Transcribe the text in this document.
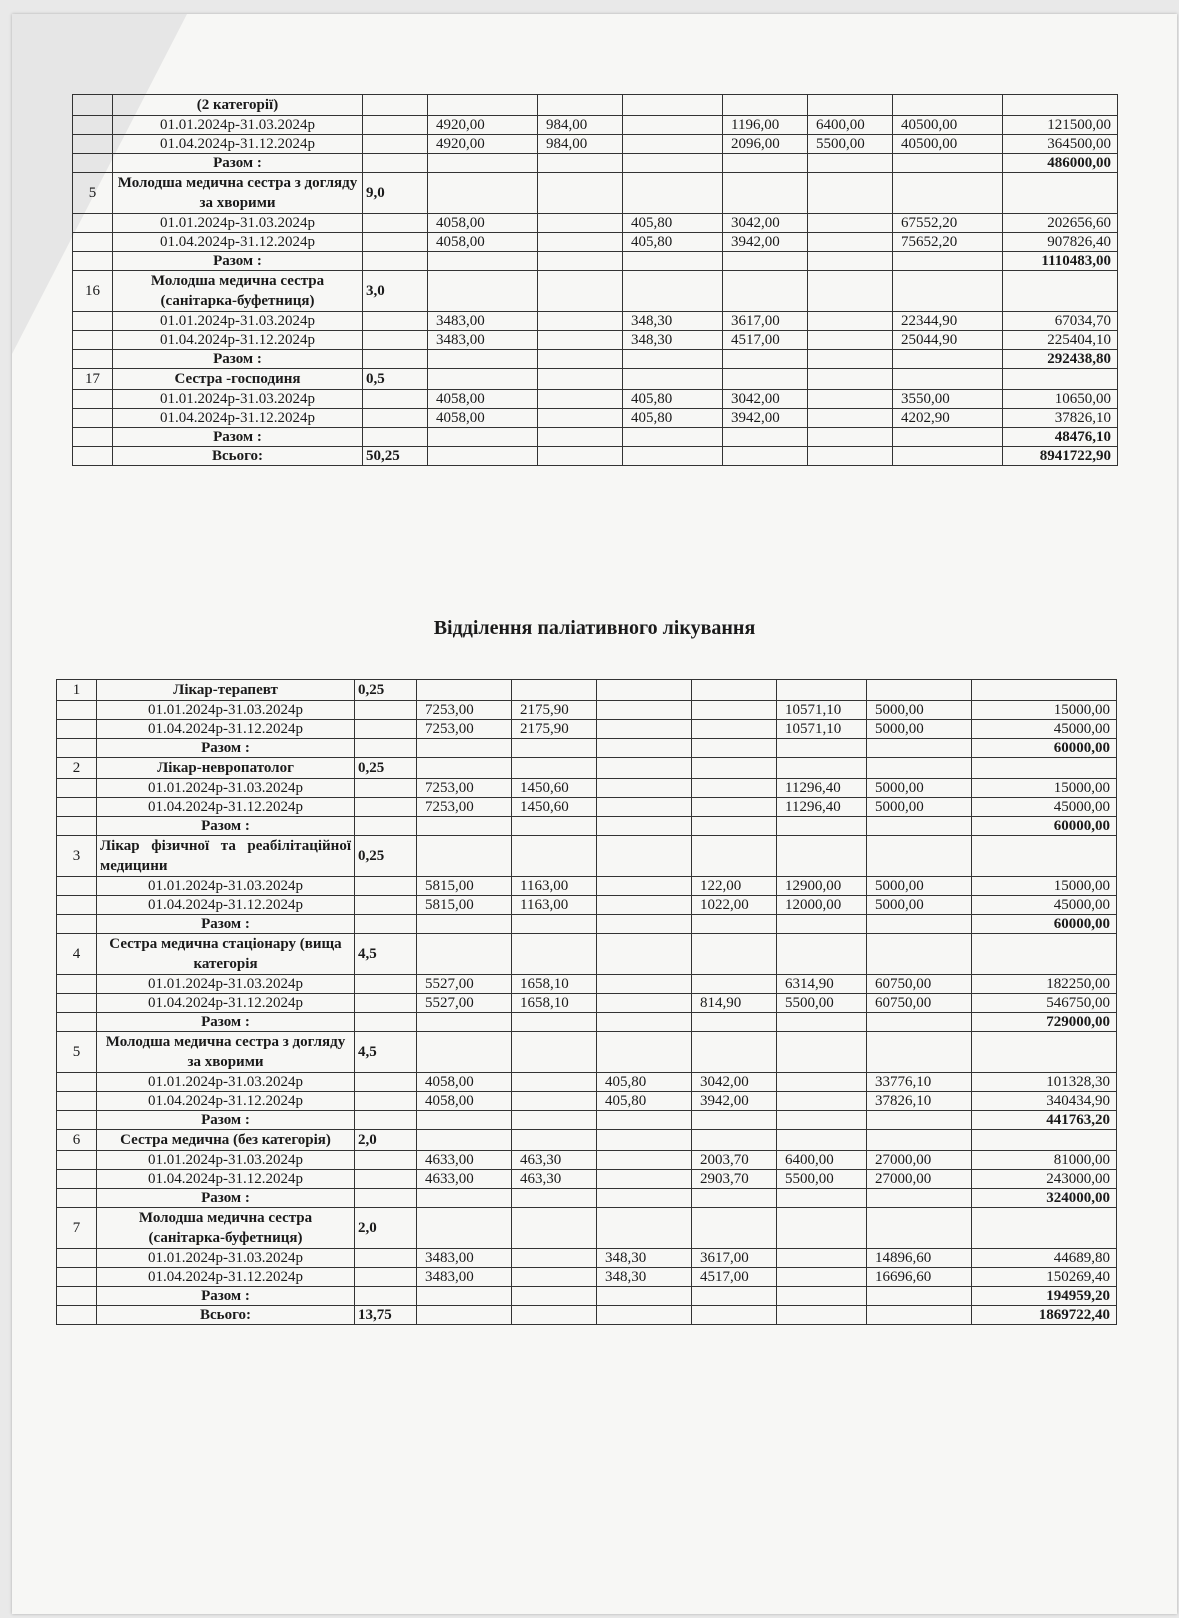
	(2 категорії)								
	01.01.2024р-31.03.2024р		4920,00	984,00		1196,00	6400,00	40500,00	121500,00
	01.04.2024р-31.12.2024р		4920,00	984,00		2096,00	5500,00	40500,00	364500,00
	Разом :								486000,00
5	Молодша медична сестра з догляду за хворими	9,0							
	01.01.2024р-31.03.2024р		4058,00		405,80	3042,00		67552,20	202656,60
	01.04.2024р-31.12.2024р		4058,00		405,80	3942,00		75652,20	907826,40
	Разом :								1110483,00
16	Молодша медична сестра (санітарка-буфетниця)	3,0							
	01.01.2024р-31.03.2024р		3483,00		348,30	3617,00		22344,90	67034,70
	01.04.2024р-31.12.2024р		3483,00		348,30	4517,00		25044,90	225404,10
	Разом :								292438,80
17	Сестра -господиня	0,5							
	01.01.2024р-31.03.2024р		4058,00		405,80	3042,00		3550,00	10650,00
	01.04.2024р-31.12.2024р		4058,00		405,80	3942,00		4202,90	37826,10
	Разом :								48476,10
	Всього:	50,25							8941722,90
Відділення паліативного лікування
1	Лікар-терапевт	0,25							
	01.01.2024р-31.03.2024р		7253,00	2175,90			10571,10	5000,00	15000,00
	01.04.2024р-31.12.2024р		7253,00	2175,90			10571,10	5000,00	45000,00
	Разом :								60000,00
2	Лікар-невропатолог	0,25							
	01.01.2024р-31.03.2024р		7253,00	1450,60			11296,40	5000,00	15000,00
	01.04.2024р-31.12.2024р		7253,00	1450,60			11296,40	5000,00	45000,00
	Разом :								60000,00
3	Лікар фізичної та реабілітаційної медицини	0,25							
	01.01.2024р-31.03.2024р		5815,00	1163,00		122,00	12900,00	5000,00	15000,00
	01.04.2024р-31.12.2024р		5815,00	1163,00		1022,00	12000,00	5000,00	45000,00
	Разом :								60000,00
4	Сестра медична стаціонару (вища категорія	4,5							
	01.01.2024р-31.03.2024р		5527,00	1658,10			6314,90	60750,00	182250,00
	01.04.2024р-31.12.2024р		5527,00	1658,10		814,90	5500,00	60750,00	546750,00
	Разом :								729000,00
5	Молодша медична сестра з догляду за хворими	4,5							
	01.01.2024р-31.03.2024р		4058,00		405,80	3042,00		33776,10	101328,30
	01.04.2024р-31.12.2024р		4058,00		405,80	3942,00		37826,10	340434,90
	Разом :								441763,20
6	Сестра медична (без категорія)	2,0							
	01.01.2024р-31.03.2024р		4633,00	463,30		2003,70	6400,00	27000,00	81000,00
	01.04.2024р-31.12.2024р		4633,00	463,30		2903,70	5500,00	27000,00	243000,00
	Разом :								324000,00
7	Молодша медична сестра (санітарка-буфетниця)	2,0							
	01.01.2024р-31.03.2024р		3483,00		348,30	3617,00		14896,60	44689,80
	01.04.2024р-31.12.2024р		3483,00		348,30	4517,00		16696,60	150269,40
	Разом :								194959,20
	Всього:	13,75							1869722,40
